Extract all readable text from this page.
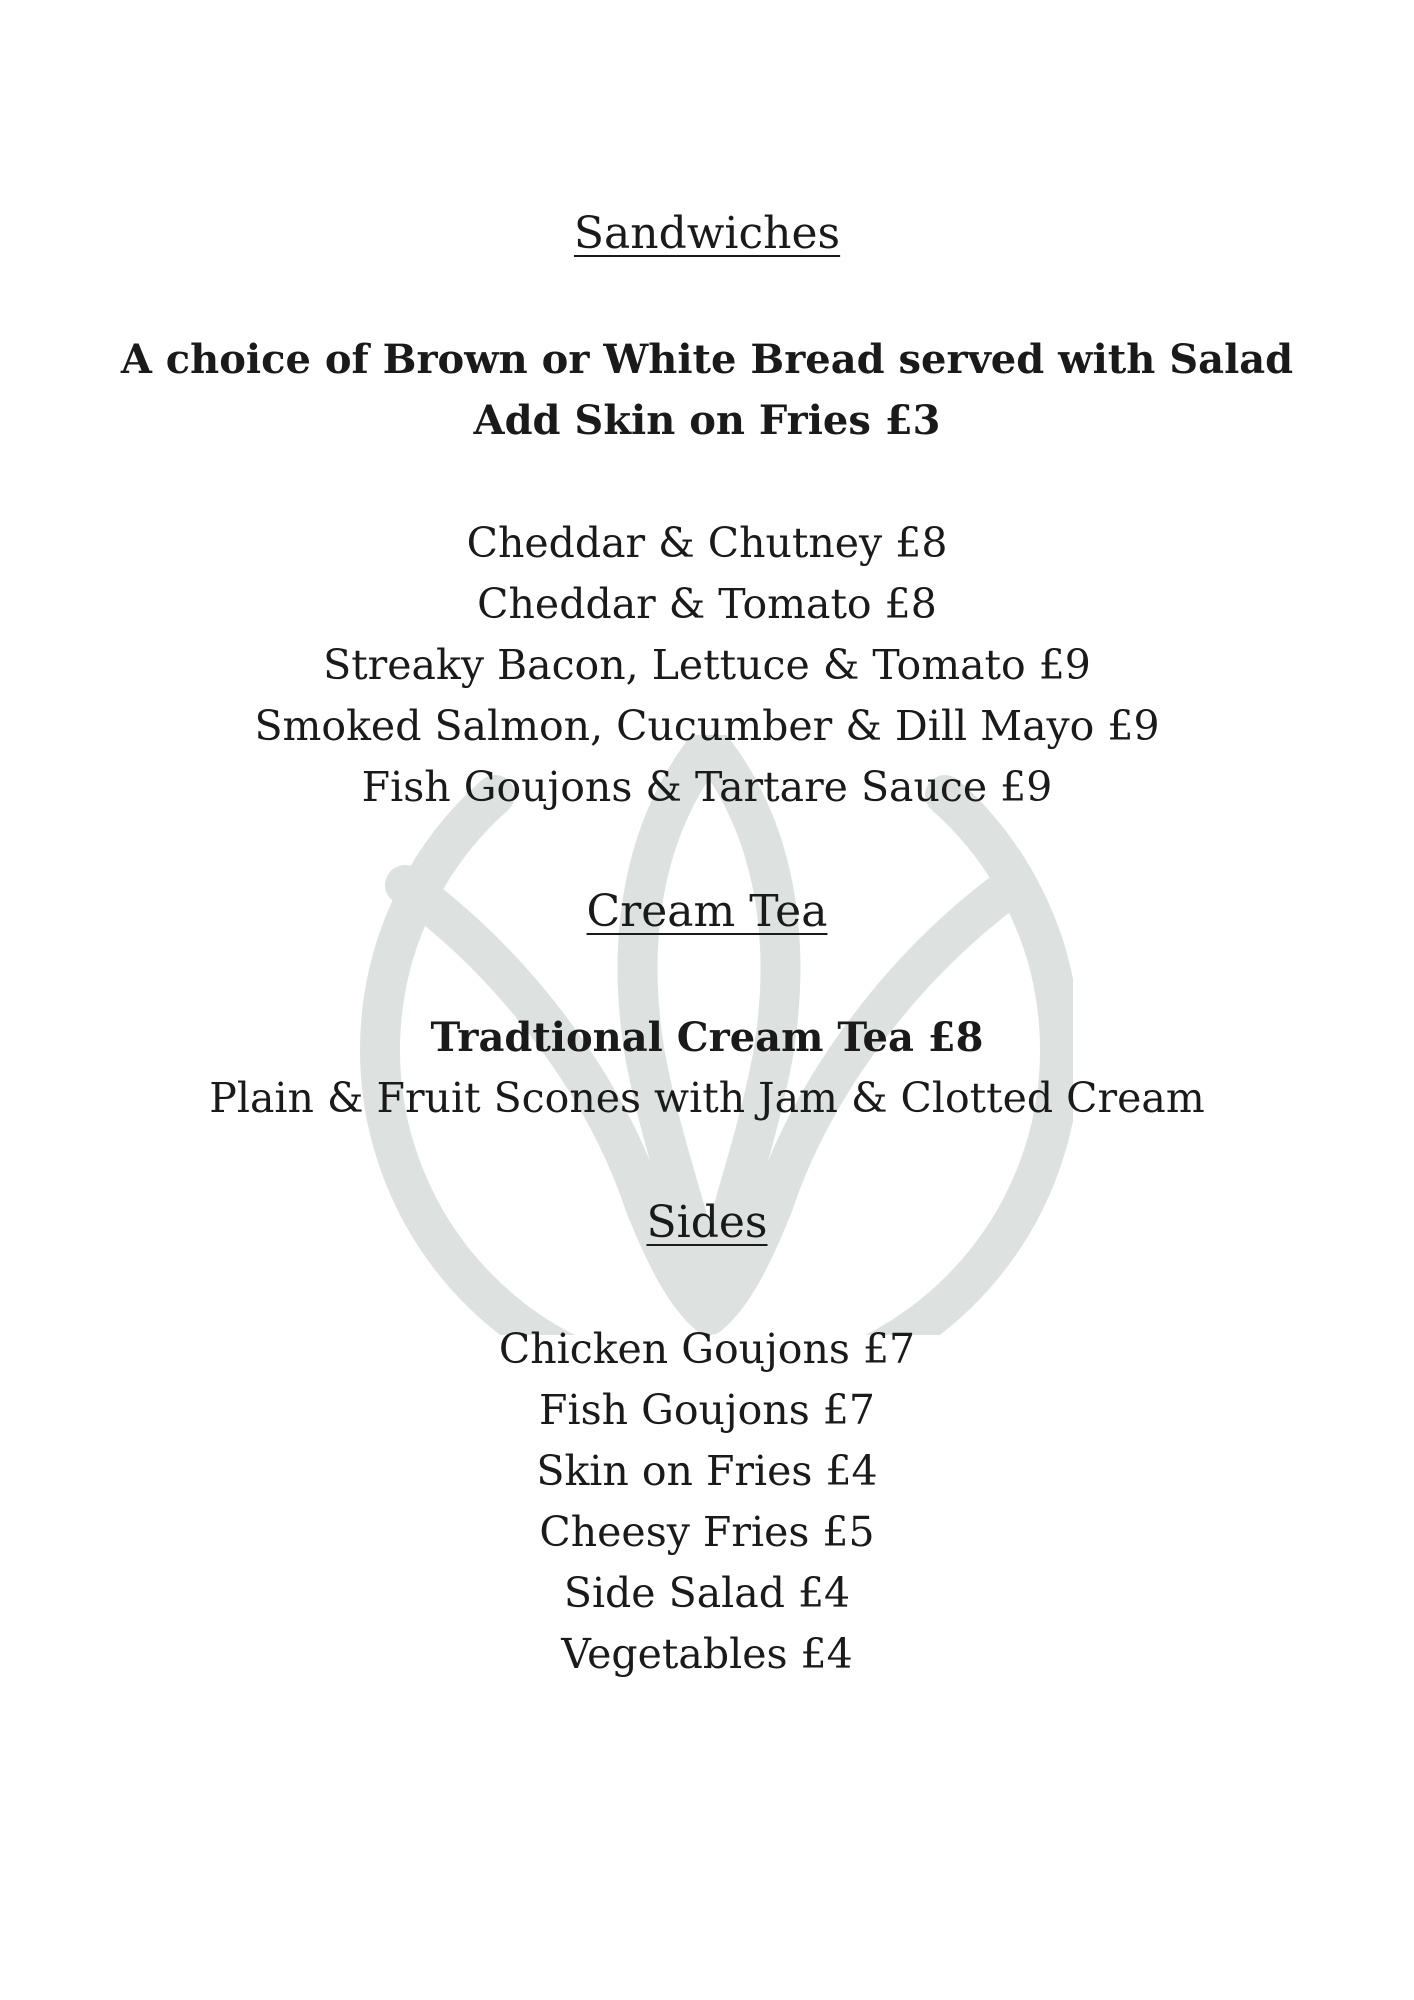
Sandwiches
A choice of Brown or White Bread served with Salad
Add Skin on Fries £3
Cheddar & Chutney £8
Cheddar & Tomato £8
Streaky Bacon, Lettuce & Tomato £9
Smoked Salmon, Cucumber & Dill Mayo £9
Fish Goujons & Tartare Sauce £9
Cream Tea
Tradtional Cream Tea £8
Plain & Fruit Scones with Jam & Clotted Cream
Sides
Chicken Goujons £7
Fish Goujons £7
Skin on Fries £4
Cheesy Fries £5
Side Salad £4
Vegetables £4
